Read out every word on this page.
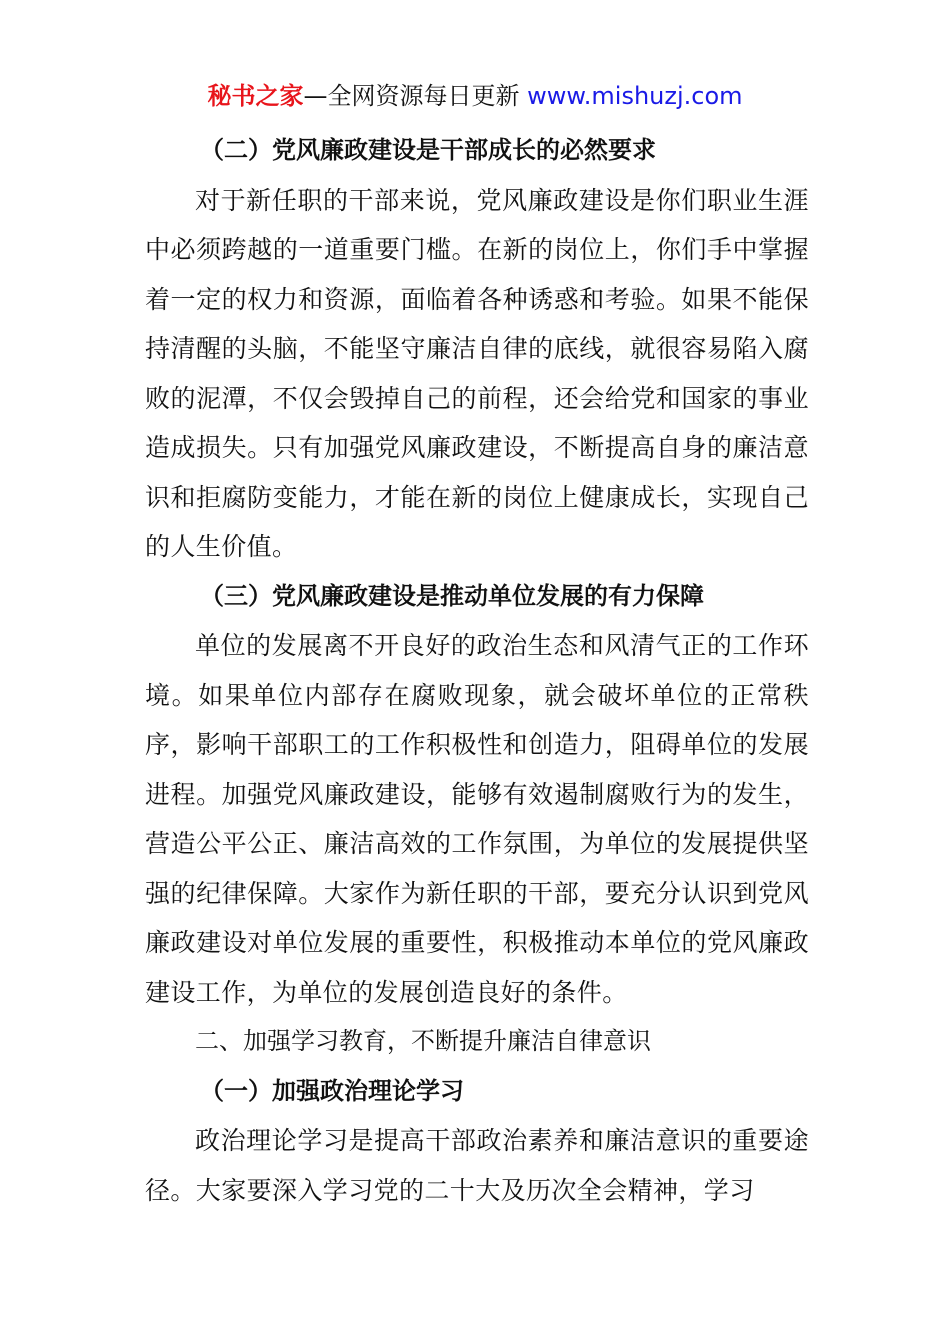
秘书之家—全网资源每日更新 www.mishuzj.com

（二）党风廉政建设是干部成长的必然要求

对于新任职的干部来说，党风廉政建设是你们职业生涯中必须跨越的一道重要门槛。在新的岗位上，你们手中掌握着一定的权力和资源，面临着各种诱惑和考验。如果不能保持清醒的头脑，不能坚守廉洁自律的底线，就很容易陷入腐败的泥潭，不仅会毁掉自己的前程，还会给党和国家的事业造成损失。只有加强党风廉政建设，不断提高自身的廉洁意识和拒腐防变能力，才能在新的岗位上健康成长，实现自己的人生价值。

（三）党风廉政建设是推动单位发展的有力保障

单位的发展离不开良好的政治生态和风清气正的工作环境。如果单位内部存在腐败现象，就会破坏单位的正常秩序，影响干部职工的工作积极性和创造力，阻碍单位的发展进程。加强党风廉政建设，能够有效遏制腐败行为的发生，营造公平公正、廉洁高效的工作氛围，为单位的发展提供坚强的纪律保障。大家作为新任职的干部，要充分认识到党风廉政建设对单位发展的重要性，积极推动本单位的党风廉政建设工作，为单位的发展创造良好的条件。

二、加强学习教育，不断提升廉洁自律意识

（一）加强政治理论学习

政治理论学习是提高干部政治素养和廉洁意识的重要途径。大家要深入学习党的二十大及历次全会精神，学习
